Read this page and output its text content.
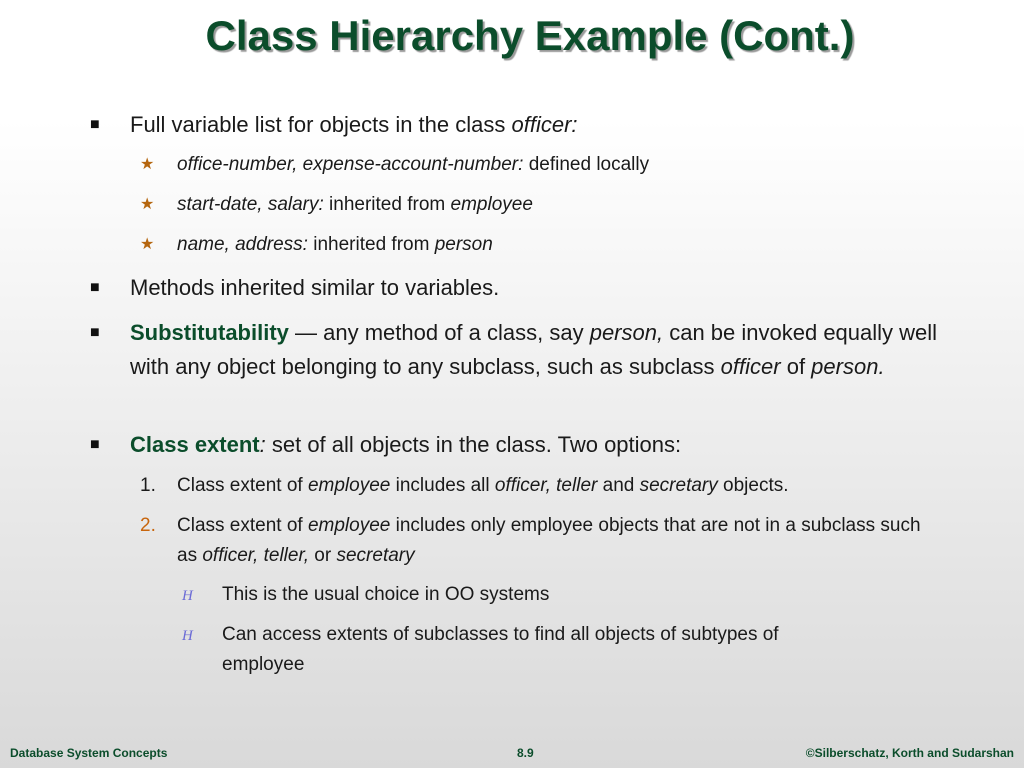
Class Hierarchy Example (Cont.)
■ Full variable list for objects in the class officer:
★ office-number, expense-account-number: defined locally
★ start-date, salary: inherited from employee
★ name, address: inherited from person
■ Methods inherited similar to variables.
■ Substitutability — any method of a class, say person, can be invoked equally well with any object belonging to any subclass, such as subclass officer of person.
■ Class extent: set of all objects in the class. Two options:
1. Class extent of employee includes all officer, teller and secretary objects.
2. Class extent of employee includes only employee objects that are not in a subclass such as officer, teller, or secretary
H This is the usual choice in OO systems
H Can access extents of subclasses to find all objects of subtypes of employee
Database System Concepts	8.9	©Silberschatz, Korth and Sudarshan
